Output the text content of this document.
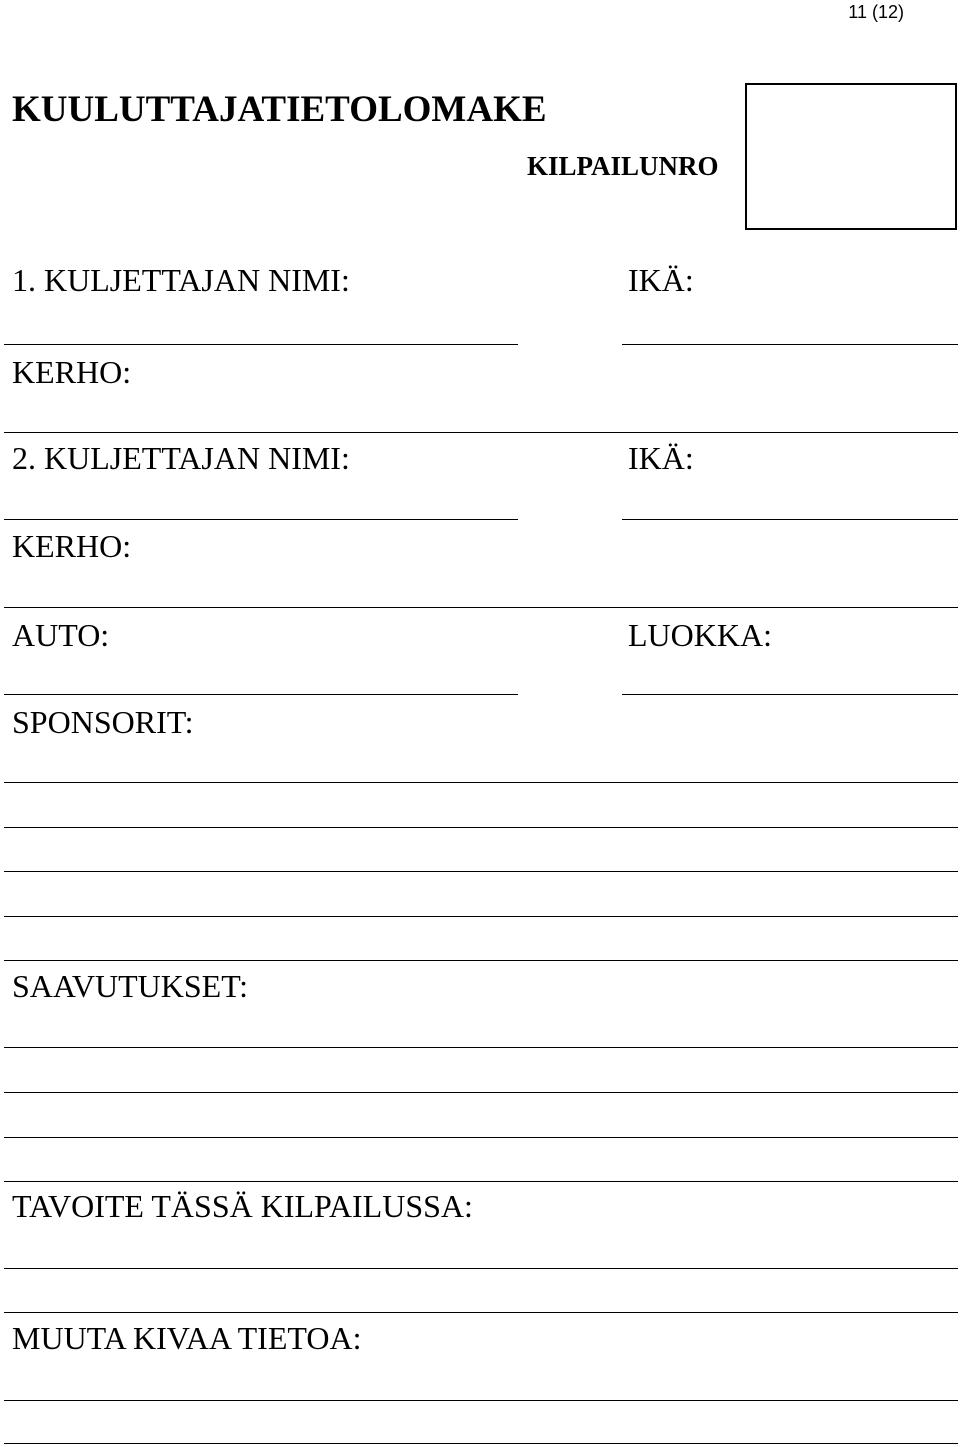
11 (12)
KUULUTTAJATIETOLOMAKE
KILPAILUNRO
1. KULJETTAJAN NIMI:	IKÄ:
KERHO:
2. KULJETTAJAN NIMI:	IKÄ:
KERHO:
AUTO:	LUOKKA:
SPONSORIT:
SAAVUTUKSET:
TAVOITE TÄSSÄ KILPAILUSSA:
MUUTA KIVAA TIETOA:
